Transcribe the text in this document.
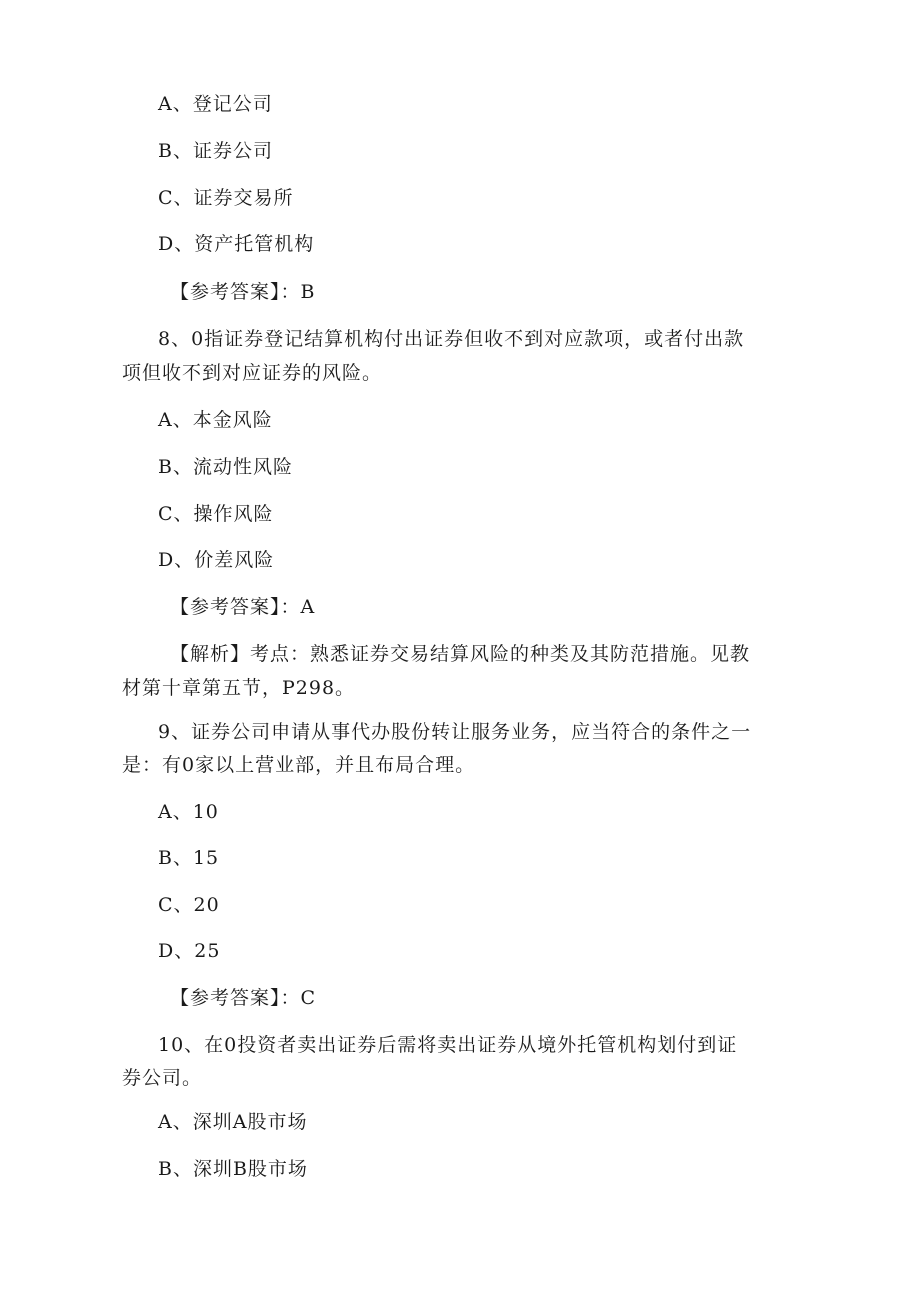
A、登记公司

B、证券公司

C、证券交易所

D、资产托管机构

【参考答案】：B

8、0指证券登记结算机构付出证券但收不到对应款项，或者付出款

项但收不到对应证券的风险。

A、本金风险

B、流动性风险

C、操作风险

D、价差风险

【参考答案】：A

【解析】考点：熟悉证券交易结算风险的种类及其防范措施。见教

材第十章第五节，P298。

9、证券公司申请从事代办股份转让服务业务，应当符合的条件之一

是：有0家以上营业部，并且布局合理。

A、10

B、15

C、20

D、25

【参考答案】：C

10、在0投资者卖出证券后需将卖出证券从境外托管机构划付到证

券公司。

A、深圳A股市场

B、深圳B股市场
